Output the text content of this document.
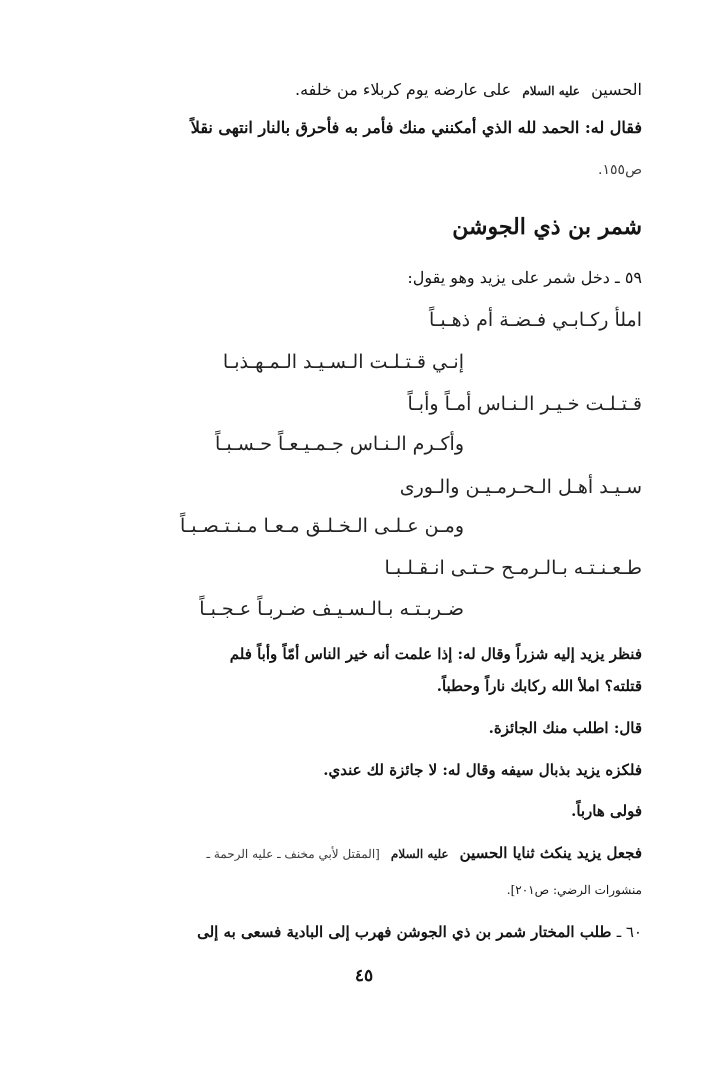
الحسين عليه السلام على عارضه يوم كربلاء من خلفه.
فقال له: الحمد لله الذي أمكنني منك فأمر به فأحرق بالنار انتهى نقلاً
ص١٥٥.
شمر بن ذي الجوشن
٥٩ ـ دخل شمر على يزيد وهو يقول:
املأ ركـابـي فـضـة أم ذهـبـاً
إنـي قـتـلـت الـسـيـد الـمـهـذبـا
قـتـلـت خـيـر الـنـاس أمـاً وأبـاً
وأكـرم الـنـاس جـمـيـعـاً حـسـبـاً
سـيـد أهـل الـحـرمـيـن والـورى
ومـن عـلـى الـخـلـق مـعـا مـنـتـصـبـاً
طـعـنـتـه بـالـرمـح حـتـى انـقـلـبـا
ضـربـتـه بـالـسـيـف ضـربـاً عـجـبـاً
فنظر يزيد إليه شزراً وقال له: إذا علمت أنه خير الناس أمّاً وأباً فلم
قتلته؟ املأ الله ركابك ناراً وحطباً.
قال: اطلب منك الجائزة.
فلكزه يزيد بذبال سيفه وقال له: لا جائزة لك عندي.
فولى هارباً.
فجعل يزيد ينكث ثنايا الحسين عليه السلام [المقتل لأبي مخنف ـ عليه الرحمة ـ
منشورات الرضي: ص٢٠١].
٦٠ ـ طلب المختار شمر بن ذي الجوشن فهرب إلى البادية فسعى به إلى
٤٥
